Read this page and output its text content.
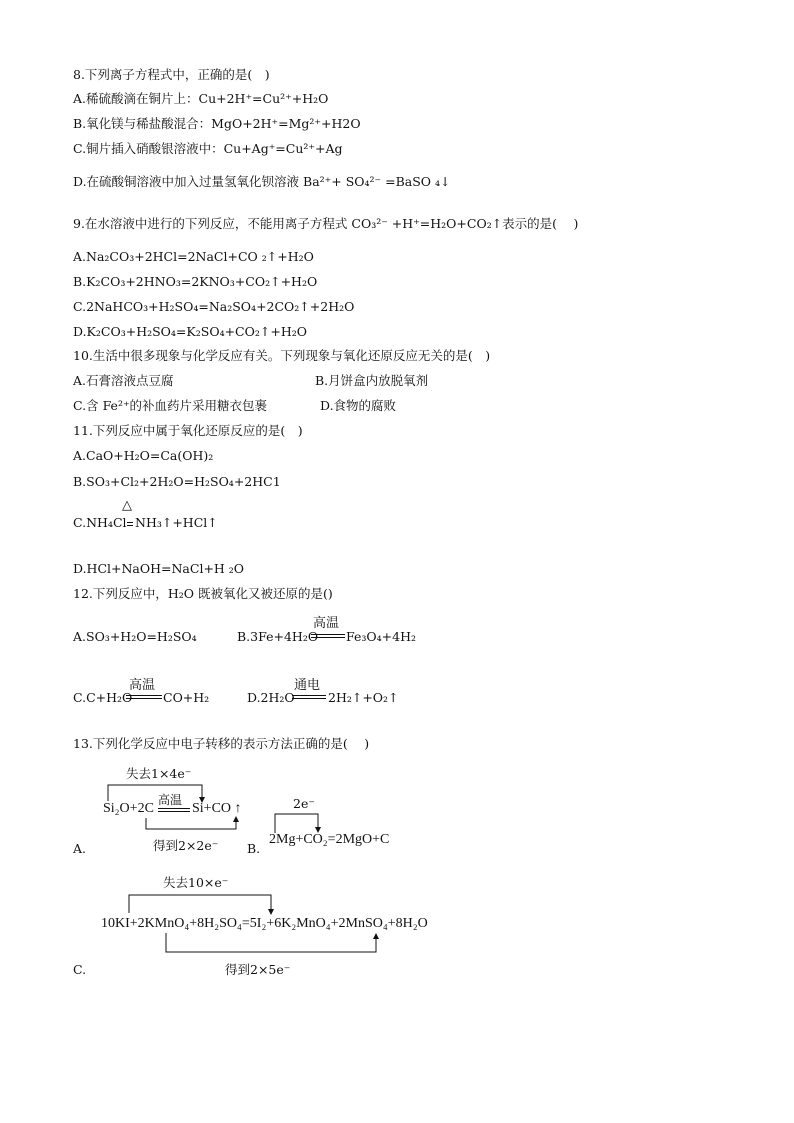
8.下列离子方程式中，正确的是(　)
A.稀硫酸滴在铜片上：Cu+2H⁺=Cu²⁺+H₂O
B.氧化镁与稀盐酸混合：MgO+2H⁺=Mg²⁺+H2O
C.铜片插入硝酸银溶液中：Cu+Ag⁺=Cu²⁺+Ag
D.在硫酸铜溶液中加入过量氢氧化钡溶液 Ba²⁺+ SO₄²⁻ =BaSO ₄↓
9.在水溶液中进行的下列反应，不能用离子方程式 CO₃²⁻ +H⁺=H₂O+CO₂↑表示的是(　 )
A.Na₂CO₃+2HCl=2NaCl+CO ₂↑+H₂O
B.K₂CO₃+2HNO₃=2KNO₃+CO₂↑+H₂O
C.2NaHCO₃+H₂SO₄=Na₂SO₄+2CO₂↑+2H₂O
D.K₂CO₃+H₂SO₄=K₂SO₄+CO₂↑+H₂O
10.生活中很多现象与化学反应有关。下列现象与氧化还原反应无关的是(　)
A.石膏溶液点豆腐	B.月饼盒内放脱氧剂
C.含 Fe²⁺的补血药片采用糖衣包裹	D.食物的腐败
11.下列反应中属于氧化还原反应的是(　)
A.CaO+H₂O=Ca(OH)₂
B.SO₃+Cl₂+2H₂O=H₂SO₄+2HC1
C.NH₄Cl
△
NH₃↑+HCl↑
D.HCl+NaOH=NaCl+H ₂O
12.下列反应中，H₂O 既被氧化又被还原的是()
A.SO₃+H₂O=H₂SO₄	B.3Fe+4H₂O
高温
Fe₃O₄+4H₂
C.C+H₂O
高温
CO+H₂	D.2H₂O
通电
2H₂↑+O₂↑
13.下列化学反应中电子转移的表示方法正确的是(　 )
失去1×4e⁻
Si₂O+2C
高温
Si+CO ↑
得到2×2e⁻
A.
2e⁻
2Mg+CO₂=2MgO+C
B.
失去10×e⁻
10KI+2KMnO₄+8H₂SO₄=5I₂+6K₂MnO₄+2MnSO₄+8H₂O
得到2×5e⁻
C.
